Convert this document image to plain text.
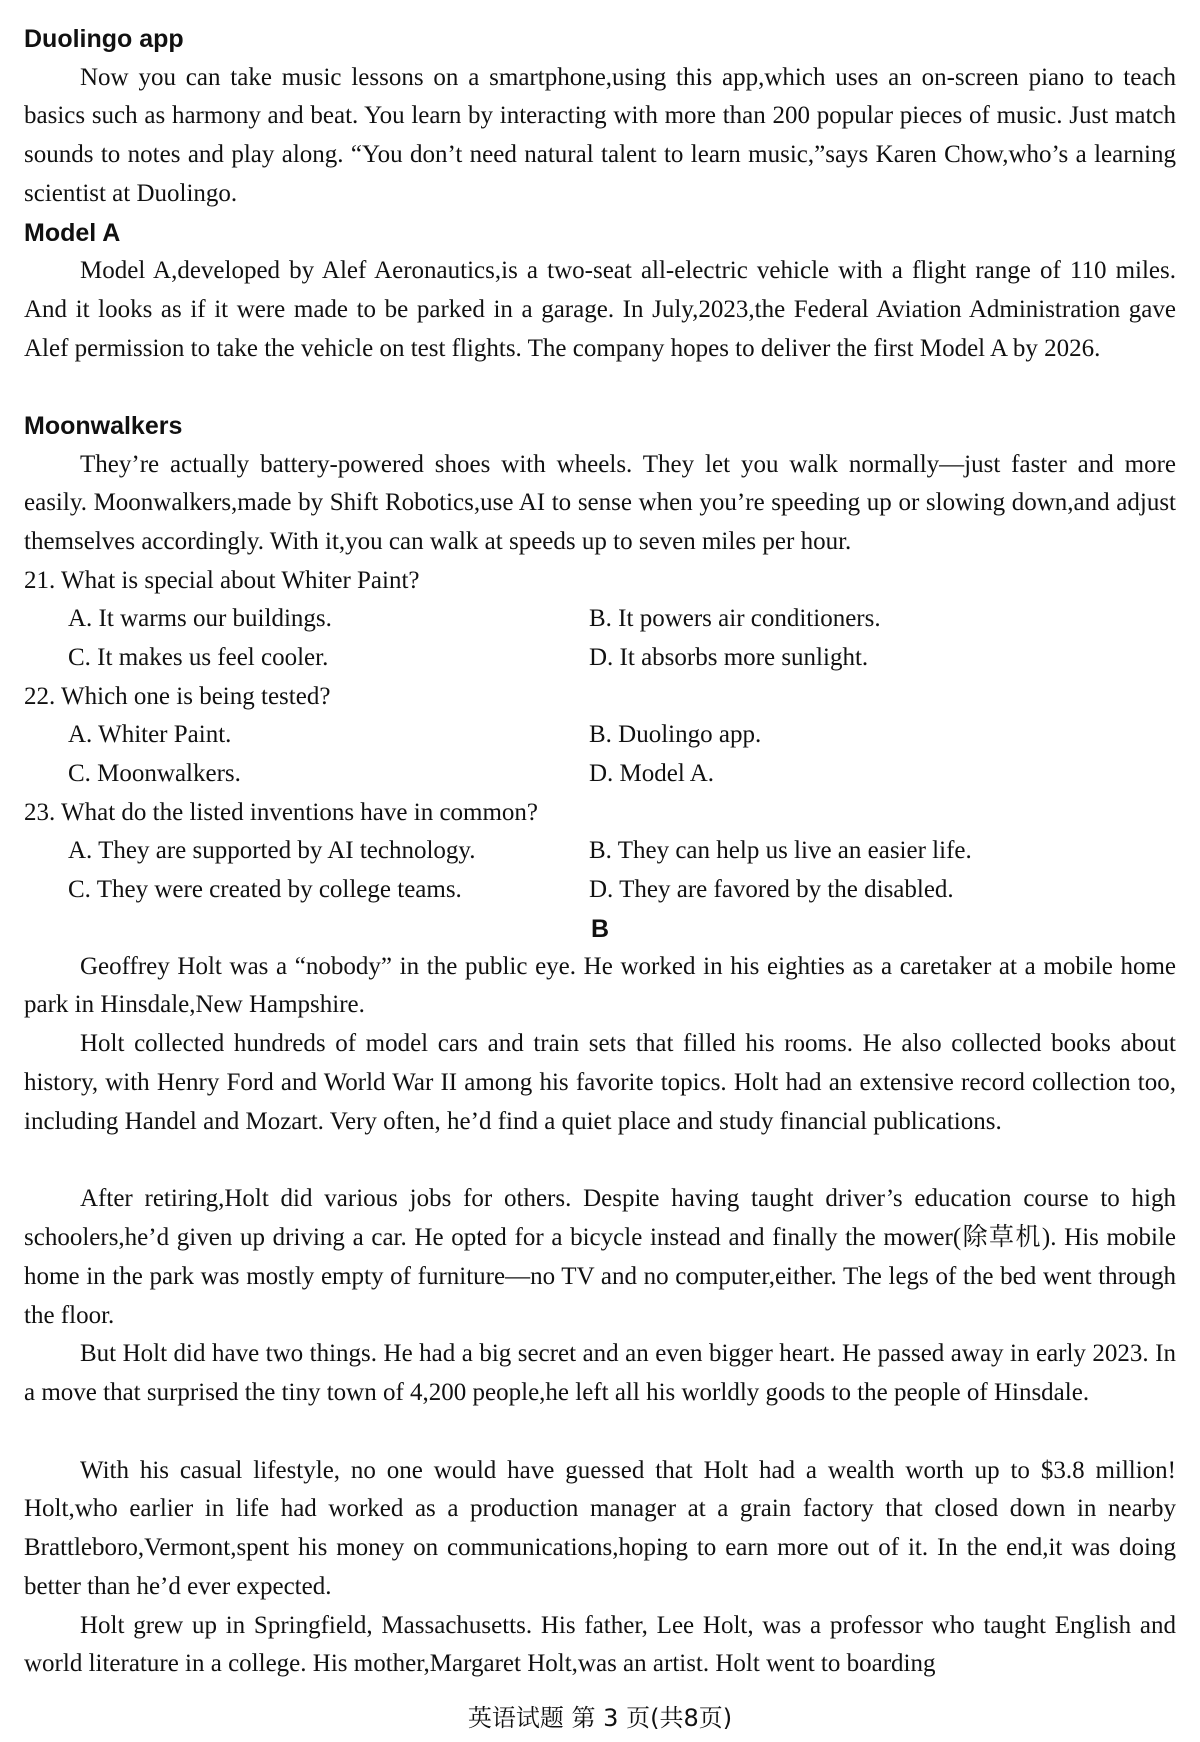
Duolingo app

Now you can take music lessons on a smartphone,using this app,which uses an on-screen piano to teach basics such as harmony and beat. You learn by interacting with more than 200 popular pieces of music. Just match sounds to notes and play along. “You don’t need natural talent to learn music,”says Karen Chow,who’s a learning scientist at Duolingo.

Model A

Model A,developed by Alef Aeronautics,is a two-seat all-electric vehicle with a flight range of 110 miles. And it looks as if it were made to be parked in a garage. In July,2023,the Federal Aviation Administration gave Alef permission to take the vehicle on test flights. The company hopes to deliver the first Model A by 2026.

Moonwalkers

They’re actually battery-powered shoes with wheels. They let you walk normally—just faster and more easily. Moonwalkers,made by Shift Robotics,use AI to sense when you’re speeding up or slowing down,and adjust themselves accordingly. With it,you can walk at speeds up to seven miles per hour.

21. What is special about Whiter Paint?
A. It warms our buildings.	B. It powers air conditioners.
C. It makes us feel cooler.	D. It absorbs more sunlight.
22. Which one is being tested?
A. Whiter Paint.	B. Duolingo app.
C. Moonwalkers.	D. Model A.
23. What do the listed inventions have in common?
A. They are supported by AI technology.	B. They can help us live an easier life.
C. They were created by college teams.	D. They are favored by the disabled.
B

Geoffrey Holt was a “nobody” in the public eye. He worked in his eighties as a caretaker at a mobile home park in Hinsdale,New Hampshire.

Holt collected hundreds of model cars and train sets that filled his rooms. He also collected books about history, with Henry Ford and World War II among his favorite topics. Holt had an extensive record collection too, including Handel and Mozart. Very often, he’d find a quiet place and study financial publications.

After retiring,Holt did various jobs for others. Despite having taught driver’s education course to high schoolers,he’d given up driving a car. He opted for a bicycle instead and finally the mower(除草机). His mobile home in the park was mostly empty of furniture—no TV and no computer,either. The legs of the bed went through the floor.

But Holt did have two things. He had a big secret and an even bigger heart. He passed away in early 2023. In a move that surprised the tiny town of 4,200 people,he left all his worldly goods to the people of Hinsdale.

With his casual lifestyle, no one would have guessed that Holt had a wealth worth up to $3.8 million! Holt,who earlier in life had worked as a production manager at a grain factory that closed down in nearby Brattleboro,Vermont,spent his money on communications,hoping to earn more out of it. In the end,it was doing better than he’d ever expected.

Holt grew up in Springfield, Massachusetts. His father, Lee Holt, was a professor who taught English and world literature in a college. His mother,Margaret Holt,was an artist. Holt went to boarding

英语试题 第 3 页(共8页)
